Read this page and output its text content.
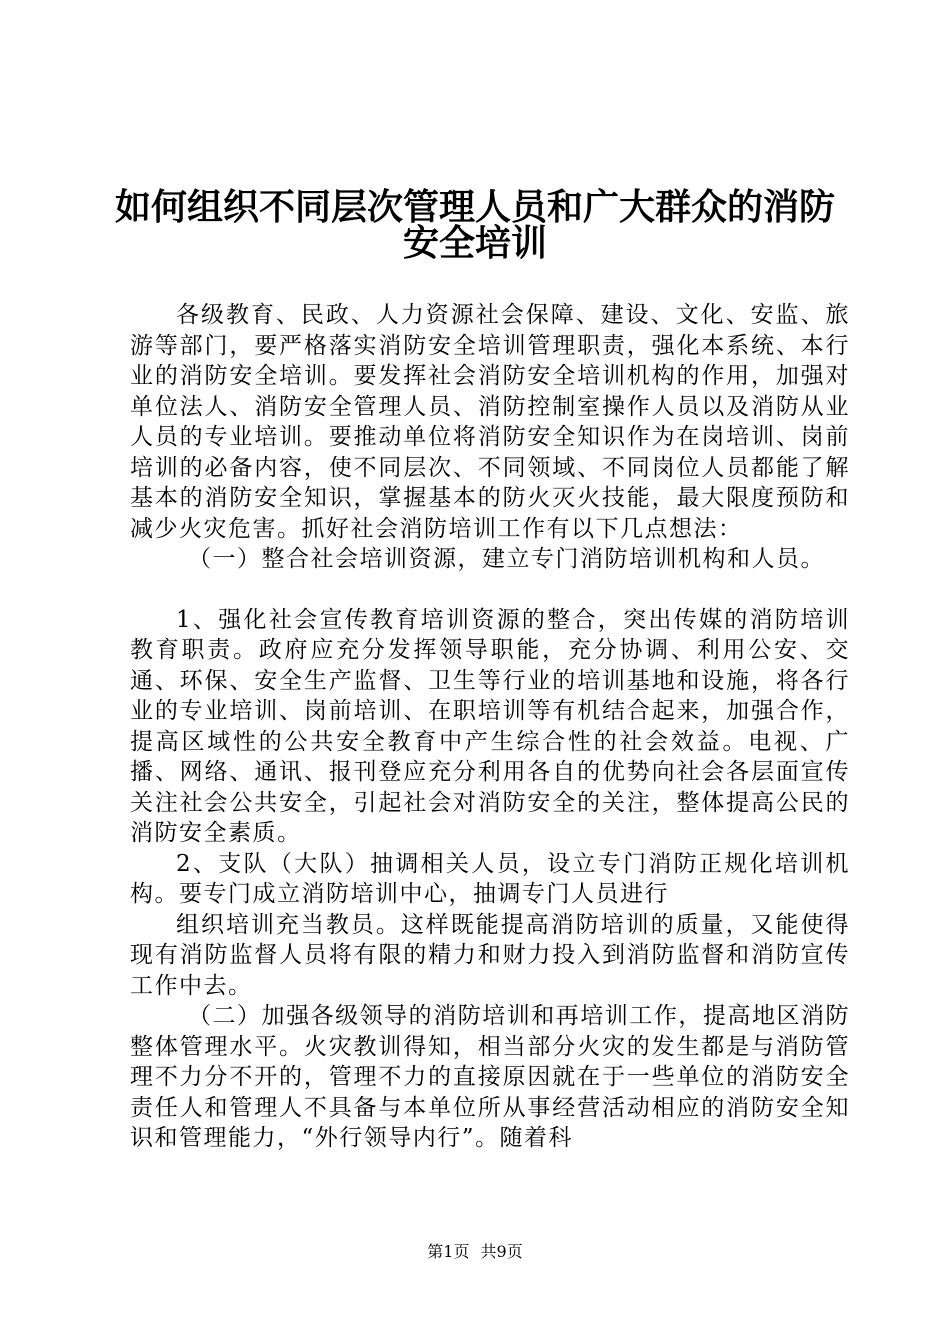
如何组织不同层次管理人员和广大群众的消防
安全培训

各级教育、民政、人力资源社会保障、建设、文化、安监、旅游等部门，要严格落实消防安全培训管理职责，强化本系统、本行业的消防安全培训。要发挥社会消防安全培训机构的作用，加强对单位法人、消防安全管理人员、消防控制室操作人员以及消防从业人员的专业培训。要推动单位将消防安全知识作为在岗培训、岗前培训的必备内容，使不同层次、不同领域、不同岗位人员都能了解基本的消防安全知识，掌握基本的防火灭火技能，最大限度预防和减少火灾危害。抓好社会消防培训工作有以下几点想法：

（一）整合社会培训资源，建立专门消防培训机构和人员。

1、强化社会宣传教育培训资源的整合，突出传媒的消防培训教育职责。政府应充分发挥领导职能，充分协调、利用公安、交通、环保、安全生产监督、卫生等行业的培训基地和设施，将各行业的专业培训、岗前培训、在职培训等有机结合起来，加强合作，提高区域性的公共安全教育中产生综合性的社会效益。电视、广播、网络、通讯、报刊登应充分利用各自的优势向社会各层面宣传关注社会公共安全，引起社会对消防安全的关注，整体提高公民的消防安全素质。

2、支队（大队）抽调相关人员，设立专门消防正规化培训机构。要专门成立消防培训中心，抽调专门人员进行

组织培训充当教员。这样既能提高消防培训的质量，又能使得现有消防监督人员将有限的精力和财力投入到消防监督和消防宣传工作中去。

（二）加强各级领导的消防培训和再培训工作，提高地区消防整体管理水平。火灾教训得知，相当部分火灾的发生都是与消防管理不力分不开的，管理不力的直接原因就在于一些单位的消防安全责任人和管理人不具备与本单位所从事经营活动相应的消防安全知识和管理能力，“外行领导内行”。随着科

第1页 共9页
